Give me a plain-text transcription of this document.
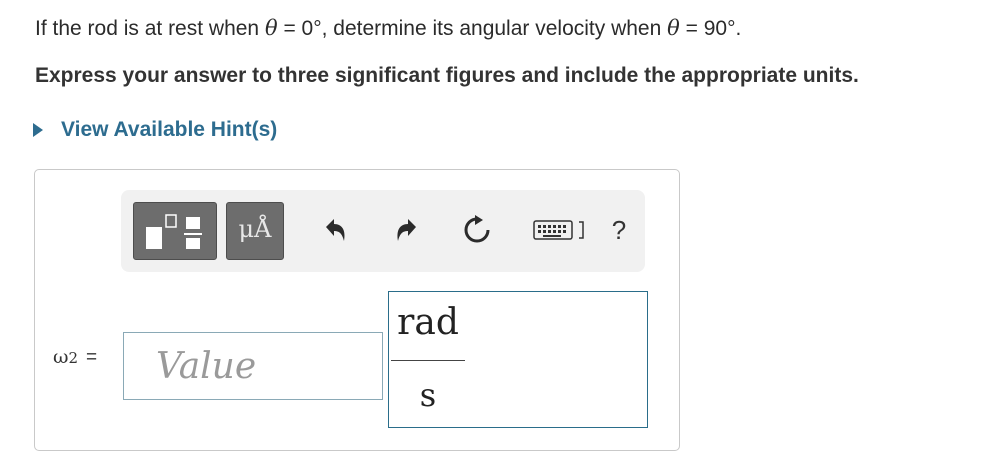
If the rod is at rest when θ = 0°, determine its angular velocity when θ = 90°.
Express your answer to three significant figures and include the appropriate units.
View Available Hint(s)
μÅ	?
ω2 =	Value
rad
s
